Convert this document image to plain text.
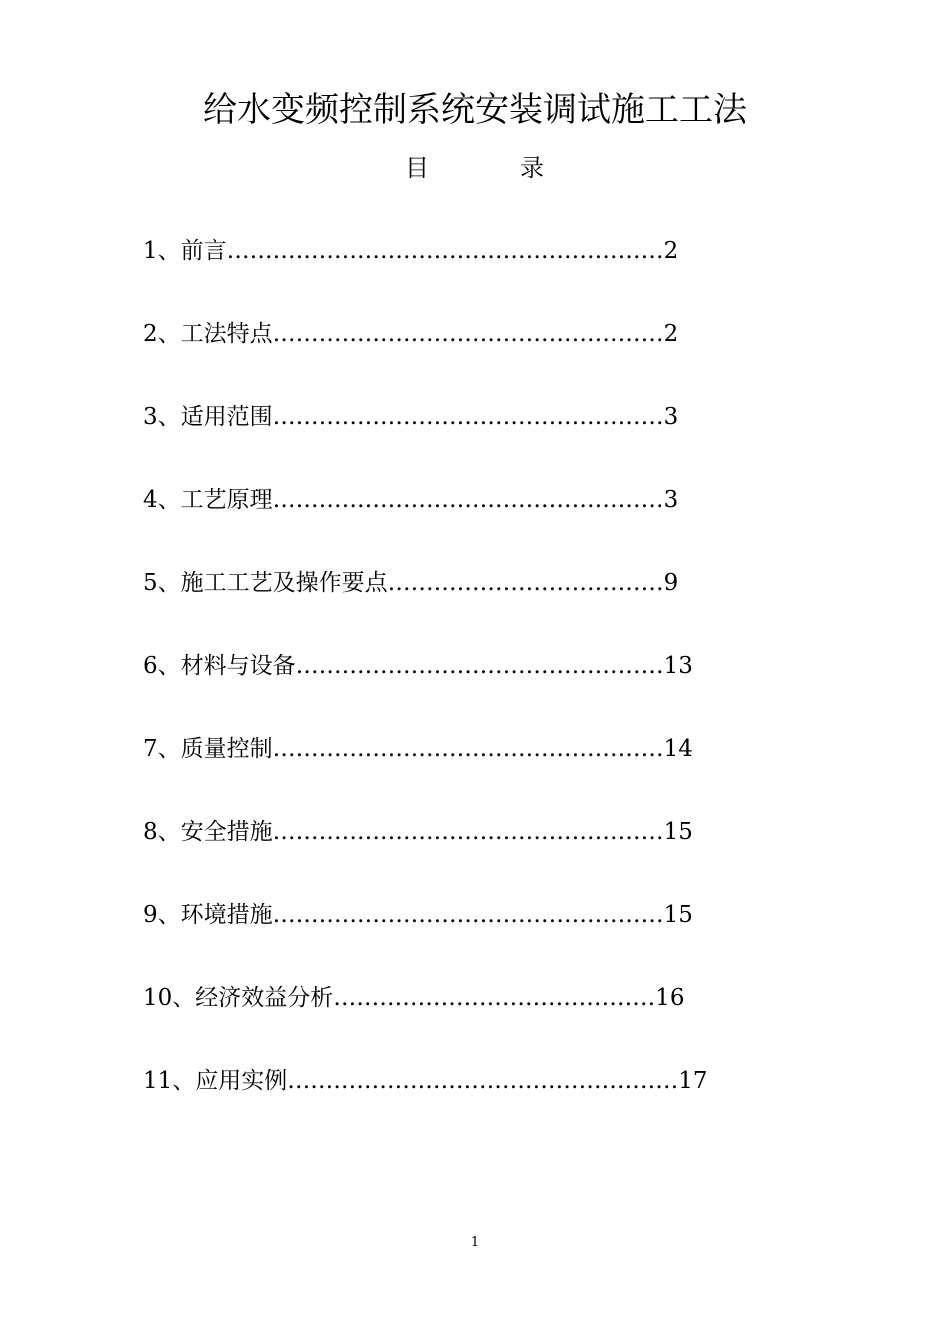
给水变频控制系统安装调试施工工法
目	录
1、前言…………………………………………………2
2、工法特点……………………………………………2
3、适用范围……………………………………………3
4、工艺原理……………………………………………3
5、施工工艺及操作要点………………………………9
6、材料与设备…………………………………………13
7、质量控制……………………………………………14
8、安全措施……………………………………………15
9、环境措施……………………………………………15
10、经济效益分析……………………………………16
11、应用实例……………………………………………17
1
